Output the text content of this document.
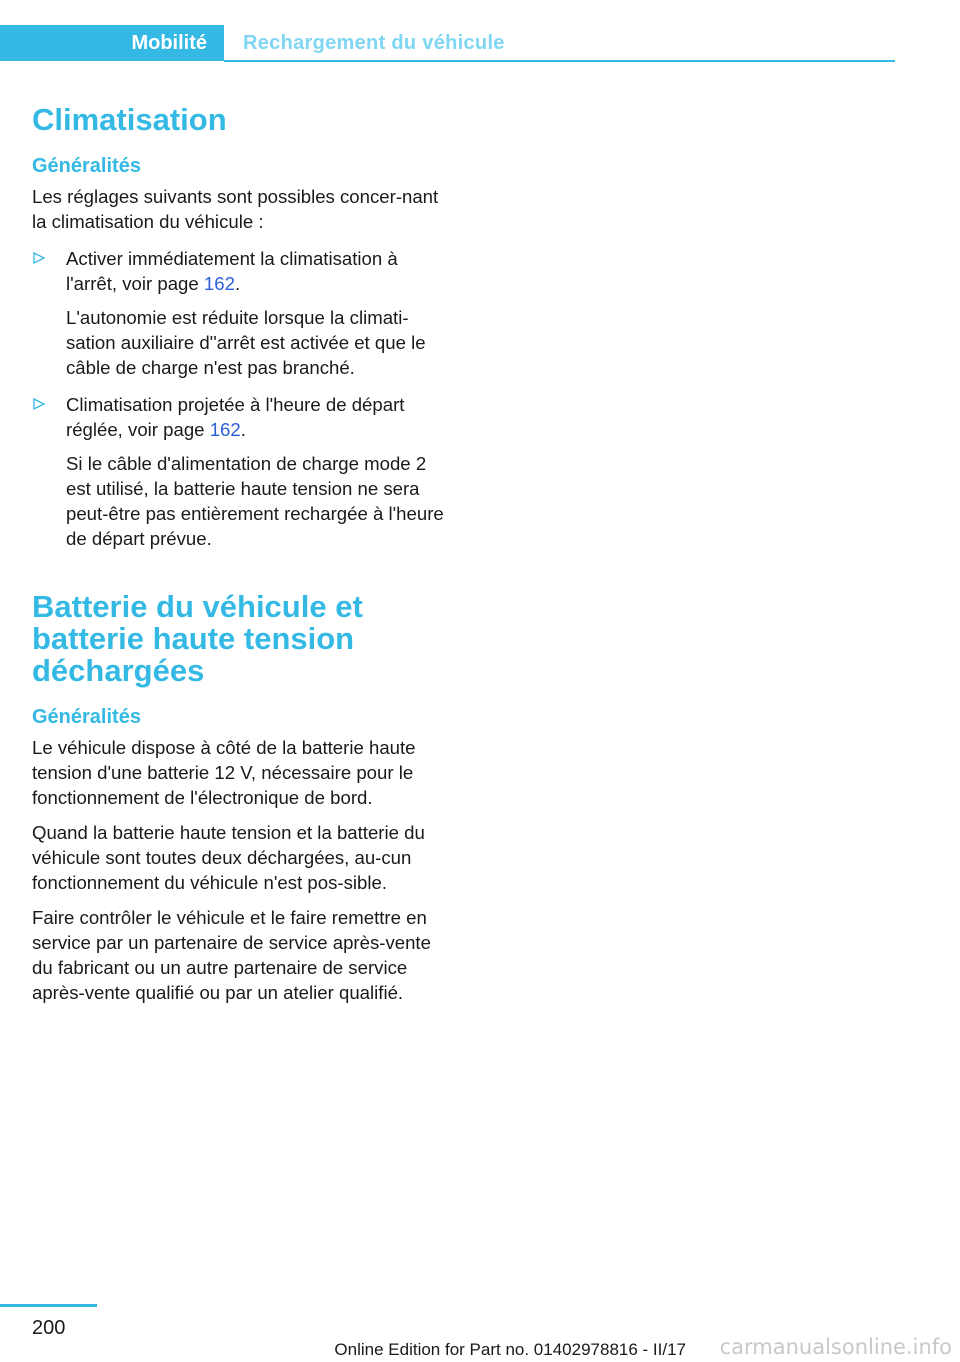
Mobilité	Rechargement du véhicule
Climatisation
Généralités

Les réglages suivants sont possibles concer-nant la climatisation du véhicule :

Activer immédiatement la climatisation à l'arrêt, voir page 162.

L'autonomie est réduite lorsque la climati-sation auxiliaire d''arrêt est activée et que le câble de charge n'est pas branché.

Climatisation projetée à l'heure de départ réglée, voir page 162.

Si le câble d'alimentation de charge mode 2 est utilisé, la batterie haute tension ne sera peut-être pas entièrement rechargée à l'heure de départ prévue.

Batterie du véhicule et batterie haute tension déchargées
Généralités

Le véhicule dispose à côté de la batterie haute tension d'une batterie 12 V, nécessaire pour le fonctionnement de l'électronique de bord.

Quand la batterie haute tension et la batterie du véhicule sont toutes deux déchargées, au-cun fonctionnement du véhicule n'est pos-sible.

Faire contrôler le véhicule et le faire remettre en service par un partenaire de service après-vente du fabricant ou un autre partenaire de service après-vente qualifié ou par un atelier qualifié.

200
Online Edition for Part no. 01402978816 - II/17 carmanualsonline.info
